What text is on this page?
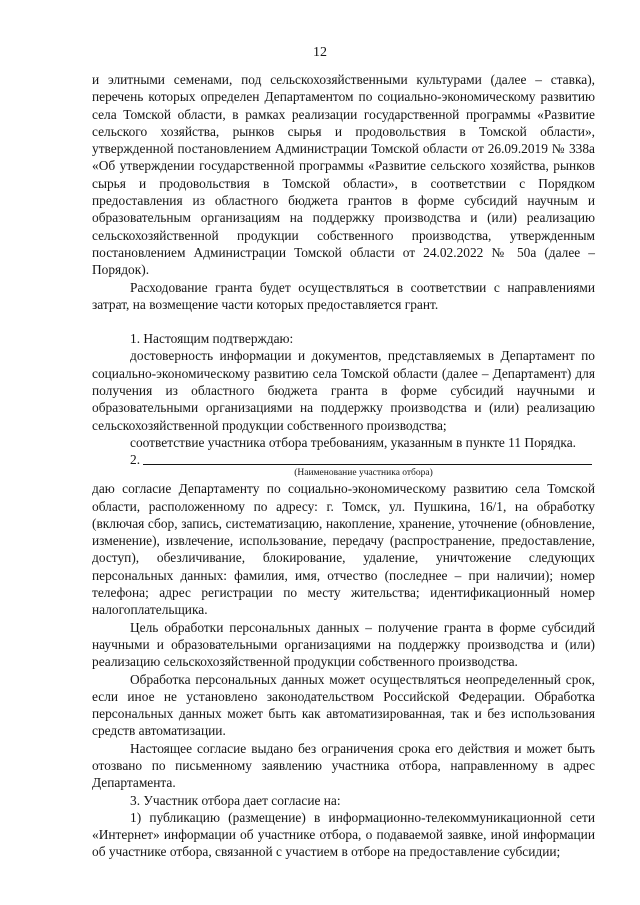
12

и элитными семенами, под сельскохозяйственными культурами (далее – ставка), перечень которых определен Департаментом по социально-экономическому развитию села Томской области, в рамках реализации государственной программы «Развитие сельского хозяйства, рынков сырья и продовольствия в Томской области», утвержденной постановлением Администрации Томской области от 26.09.2019 № 338а «Об утверждении государственной программы «Развитие сельского хозяйства, рынков сырья и продовольствия в Томской области», в соответствии с Порядком предоставления из областного бюджета грантов в форме субсидий научным и образовательным организациям на поддержку производства и (или) реализацию сельскохозяйственной продукции собственного производства, утвержденным постановлением Администрации Томской области от 24.02.2022 № 50а (далее – Порядок).

Расходование гранта будет осуществляться в соответствии с направлениями затрат, на возмещение части которых предоставляется грант.

1. Настоящим подтверждаю:

достоверность информации и документов, представляемых в Департамент по социально-экономическому развитию села Томской области (далее – Департамент) для получения из областного бюджета гранта в форме субсидий научными и образовательными организациями на поддержку производства и (или) реализацию сельскохозяйственной продукции собственного производства;

соответствие участника отбора требованиям, указанным в пункте 11 Порядка.

2.
(Наименование участника отбора)

даю согласие Департаменту по социально-экономическому развитию села Томской области, расположенному по адресу: г. Томск, ул. Пушкина, 16/1, на обработку (включая сбор, запись, систематизацию, накопление, хранение, уточнение (обновление, изменение), извлечение, использование, передачу (распространение, предоставление, доступ), обезличивание, блокирование, удаление, уничтожение следующих персональных данных: фамилия, имя, отчество (последнее – при наличии); номер телефона; адрес регистрации по месту жительства; идентификационный номер налогоплательщика.

Цель обработки персональных данных – получение гранта в форме субсидий научными и образовательными организациями на поддержку производства и (или) реализацию сельскохозяйственной продукции собственного производства.

Обработка персональных данных может осуществляться неопределенный срок, если иное не установлено законодательством Российской Федерации. Обработка персональных данных может быть как автоматизированная, так и без использования средств автоматизации.

Настоящее согласие выдано без ограничения срока его действия и может быть отозвано по письменному заявлению участника отбора, направленному в адрес Департамента.

3. Участник отбора дает согласие на:

1) публикацию (размещение) в информационно-телекоммуникационной сети «Интернет» информации об участнике отбора, о подаваемой заявке, иной информации об участнике отбора, связанной с участием в отборе на предоставление субсидии;
